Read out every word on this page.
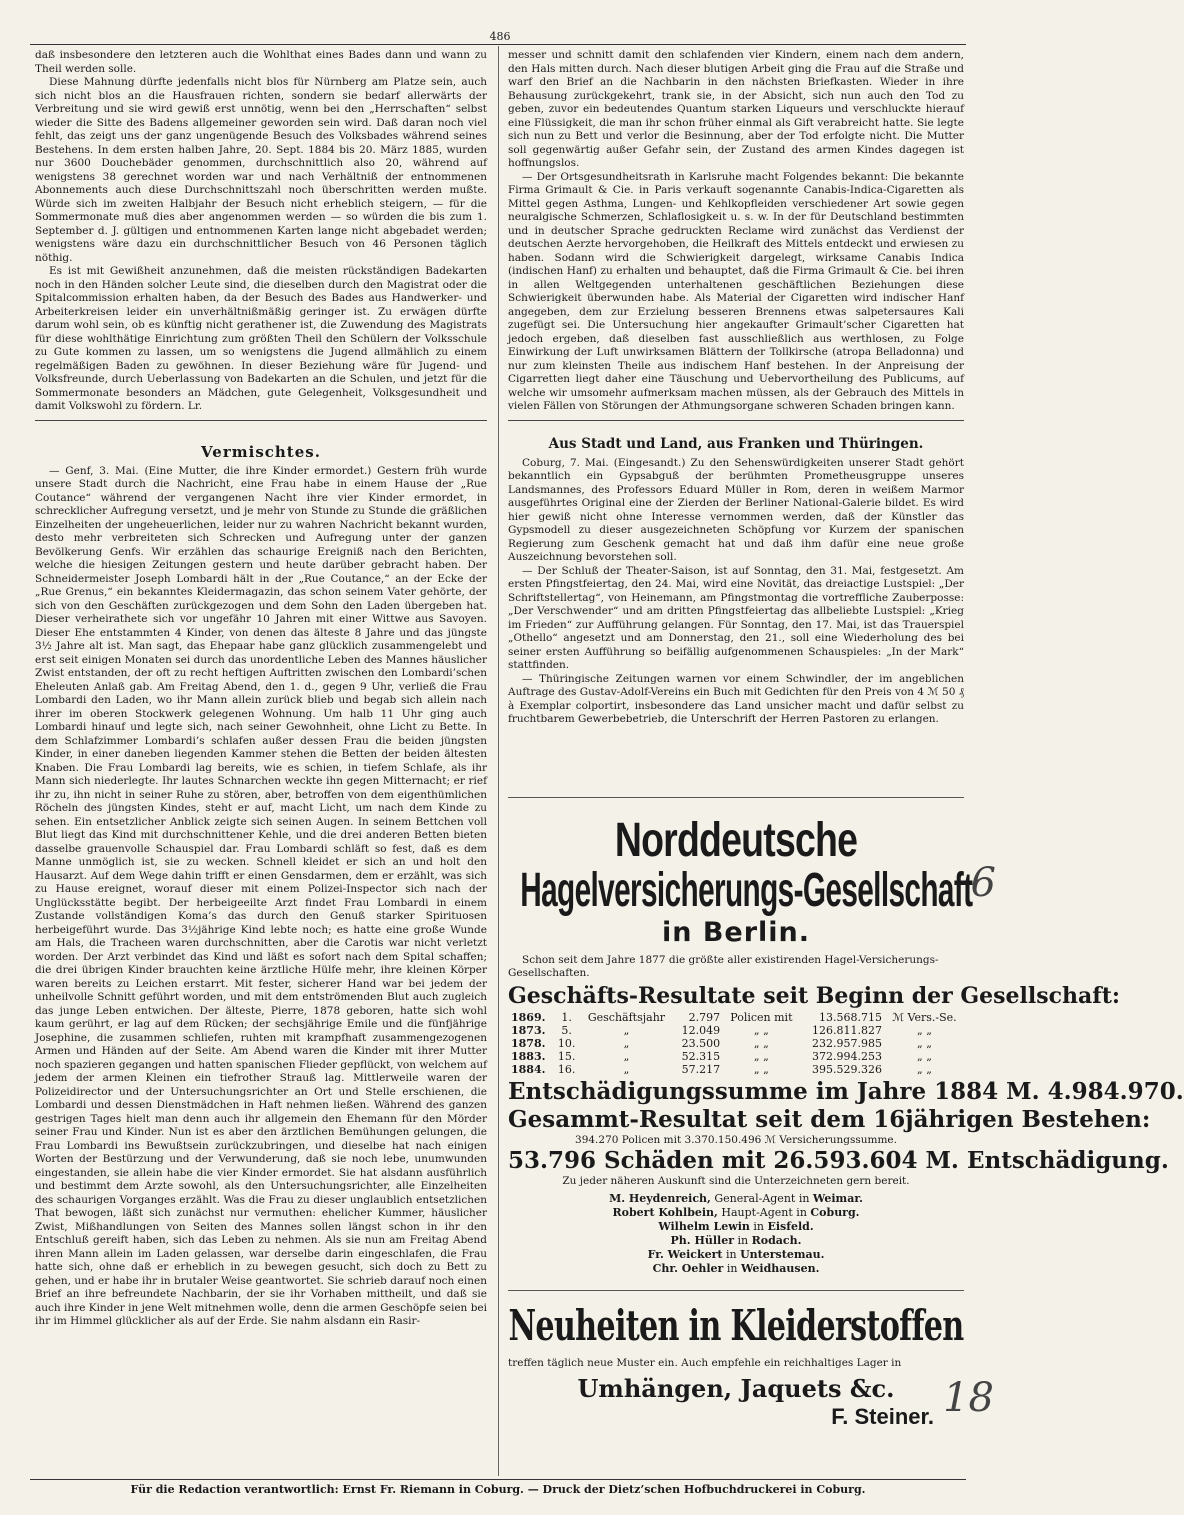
486

daß insbesondere den letzteren auch die Wohlthat eines Bades dann und wann zu Theil werden solle.

Diese Mahnung dürfte jedenfalls nicht blos für Nürnberg am Platze sein, auch sich nicht blos an die Hausfrauen richten, sondern sie bedarf allerwärts der Verbreitung und sie wird gewiß erst unnötig, wenn bei den „Herrschaften“ selbst wieder die Sitte des Badens allgemeiner geworden sein wird. Daß daran noch viel fehlt, das zeigt uns der ganz ungenügende Besuch des Volksbades während seines Bestehens. In dem ersten halben Jahre, 20. Sept. 1884 bis 20. März 1885, wurden nur 3600 Douchebäder genommen, durchschnittlich also 20, während auf wenigstens 38 gerechnet worden war und nach Verhältniß der entnommenen Abonnements auch diese Durchschnittszahl noch überschritten werden mußte. Würde sich im zweiten Halbjahr der Besuch nicht erheblich steigern, — für die Sommermonate muß dies aber angenommen werden — so würden die bis zum 1. September d. J. gültigen und entnommenen Karten lange nicht abgebadet werden; wenigstens wäre dazu ein durchschnittlicher Besuch von 46 Personen täglich nöthig.

Es ist mit Gewißheit anzunehmen, daß die meisten rückständigen Badekarten noch in den Händen solcher Leute sind, die dieselben durch den Magistrat oder die Spitalcommission erhalten haben, da der Besuch des Bades aus Handwerker- und Arbeiterkreisen leider ein unverhältnißmäßig geringer ist. Zu erwägen dürfte darum wohl sein, ob es künftig nicht gerathener ist, die Zuwendung des Magistrats für diese wohlthätige Einrichtung zum größten Theil den Schülern der Volksschule zu Gute kommen zu lassen, um so wenigstens die Jugend allmählich zu einem regelmäßigen Baden zu gewöhnen. In dieser Beziehung wäre für Jugend- und Volksfreunde, durch Ueberlassung von Badekarten an die Schulen, und jetzt für die Sommermonate besonders an Mädchen, gute Gelegenheit, Volksgesundheit und damit Volkswohl zu fördern. Lr.

Vermischtes.

— Genf, 3. Mai. (Eine Mutter, die ihre Kinder ermordet.) Gestern früh wurde unsere Stadt durch die Nachricht, eine Frau habe in einem Hause der „Rue Coutance“ während der vergangenen Nacht ihre vier Kinder ermordet, in schrecklicher Aufregung versetzt, und je mehr von Stunde zu Stunde die gräßlichen Einzelheiten der ungeheuerlichen, leider nur zu wahren Nachricht bekannt wurden, desto mehr verbreiteten sich Schrecken und Aufregung unter der ganzen Bevölkerung Genfs. Wir erzählen das schaurige Ereigniß nach den Berichten, welche die hiesigen Zeitungen gestern und heute darüber gebracht haben. Der Schneidermeister Joseph Lombardi hält in der „Rue Coutance,“ an der Ecke der „Rue Grenus,“ ein bekanntes Kleidermagazin, das schon seinem Vater gehörte, der sich von den Geschäften zurückgezogen und dem Sohn den Laden übergeben hat. Dieser verheirathete sich vor ungefähr 10 Jahren mit einer Wittwe aus Savoyen. Dieser Ehe entstammten 4 Kinder, von denen das älteste 8 Jahre und das jüngste 3½ Jahre alt ist. Man sagt, das Ehepaar habe ganz glücklich zusammengelebt und erst seit einigen Monaten sei durch das unordentliche Leben des Mannes häuslicher Zwist entstanden, der oft zu recht heftigen Auftritten zwischen den Lombardi’schen Eheleuten Anlaß gab. Am Freitag Abend, den 1. d., gegen 9 Uhr, verließ die Frau Lombardi den Laden, wo ihr Mann allein zurück blieb und begab sich allein nach ihrer im oberen Stockwerk gelegenen Wohnung. Um halb 11 Uhr ging auch Lombardi hinauf und legte sich, nach seiner Gewohnheit, ohne Licht zu Bette. In dem Schlafzimmer Lombardi’s schlafen außer dessen Frau die beiden jüngsten Kinder, in einer daneben liegenden Kammer stehen die Betten der beiden ältesten Knaben. Die Frau Lombardi lag bereits, wie es schien, in tiefem Schlafe, als ihr Mann sich niederlegte. Ihr lautes Schnarchen weckte ihn gegen Mitternacht; er rief ihr zu, ihn nicht in seiner Ruhe zu stören, aber, betroffen von dem eigenthümlichen Röcheln des jüngsten Kindes, steht er auf, macht Licht, um nach dem Kinde zu sehen. Ein entsetzlicher Anblick zeigte sich seinen Augen. In seinem Bettchen voll Blut liegt das Kind mit durchschnittener Kehle, und die drei anderen Betten bieten dasselbe grauenvolle Schauspiel dar. Frau Lombardi schläft so fest, daß es dem Manne unmöglich ist, sie zu wecken. Schnell kleidet er sich an und holt den Hausarzt. Auf dem Wege dahin trifft er einen Gensdarmen, dem er erzählt, was sich zu Hause ereignet, worauf dieser mit einem Polizei-Inspector sich nach der Unglücksstätte begibt. Der herbeigeeilte Arzt findet Frau Lombardi in einem Zustande vollständigen Koma’s das durch den Genuß starker Spirituosen herbeigeführt wurde. Das 3½jährige Kind lebte noch; es hatte eine große Wunde am Hals, die Tracheen waren durchschnitten, aber die Carotis war nicht verletzt worden. Der Arzt verbindet das Kind und läßt es sofort nach dem Spital schaffen; die drei übrigen Kinder brauchten keine ärztliche Hülfe mehr, ihre kleinen Körper waren bereits zu Leichen erstarrt. Mit fester, sicherer Hand war bei jedem der unheilvolle Schnitt geführt worden, und mit dem entströmenden Blut auch zugleich das junge Leben entwichen. Der älteste, Pierre, 1878 geboren, hatte sich wohl kaum gerührt, er lag auf dem Rücken; der sechsjährige Emile und die fünfjährige Josephine, die zusammen schliefen, ruhten mit krampfhaft zusammengezogenen Armen und Händen auf der Seite. Am Abend waren die Kinder mit ihrer Mutter noch spazieren gegangen und hatten spanischen Flieder gepflückt, von welchem auf jedem der armen Kleinen ein tiefrother Strauß lag. Mittlerweile waren der Polizeidirector und der Untersuchungsrichter an Ort und Stelle erschienen, die Lombardi und dessen Dienstmädchen in Haft nehmen ließen. Während des ganzen gestrigen Tages hielt man denn auch ihr allgemein den Ehemann für den Mörder seiner Frau und Kinder. Nun ist es aber den ärztlichen Bemühungen gelungen, die Frau Lombardi ins Bewußtsein zurückzubringen, und dieselbe hat nach einigen Worten der Bestürzung und der Verwunderung, daß sie noch lebe, unumwunden eingestanden, sie allein habe die vier Kinder ermordet. Sie hat alsdann ausführlich und bestimmt dem Arzte sowohl, als den Untersuchungsrichter, alle Einzelheiten des schaurigen Vorganges erzählt. Was die Frau zu dieser unglaublich entsetzlichen That bewogen, läßt sich zunächst nur vermuthen: ehelicher Kummer, häuslicher Zwist, Mißhandlungen von Seiten des Mannes sollen längst schon in ihr den Entschluß gereift haben, sich das Leben zu nehmen. Als sie nun am Freitag Abend ihren Mann allein im Laden gelassen, war derselbe darin eingeschlafen, die Frau hatte sich, ohne daß er erheblich in zu bewegen gesucht, sich doch zu Bett zu gehen, und er habe ihr in brutaler Weise geantwortet. Sie schrieb darauf noch einen Brief an ihre befreundete Nachbarin, der sie ihr Vorhaben mittheilt, und daß sie auch ihre Kinder in jene Welt mitnehmen wolle, denn die armen Geschöpfe seien bei ihr im Himmel glücklicher als auf der Erde. Sie nahm alsdann ein Rasir-

messer und schnitt damit den schlafenden vier Kindern, einem nach dem andern, den Hals mitten durch. Nach dieser blutigen Arbeit ging die Frau auf die Straße und warf den Brief an die Nachbarin in den nächsten Briefkasten. Wieder in ihre Behausung zurückgekehrt, trank sie, in der Absicht, sich nun auch den Tod zu geben, zuvor ein bedeutendes Quantum starken Liqueurs und verschluckte hierauf eine Flüssigkeit, die man ihr schon früher einmal als Gift verabreicht hatte. Sie legte sich nun zu Bett und verlor die Besinnung, aber der Tod erfolgte nicht. Die Mutter soll gegenwärtig außer Gefahr sein, der Zustand des armen Kindes dagegen ist hoffnungslos.

— Der Ortsgesundheitsrath in Karlsruhe macht Folgendes bekannt: Die bekannte Firma Grimault & Cie. in Paris verkauft sogenannte Canabis-Indica-Cigaretten als Mittel gegen Asthma, Lungen- und Kehlkopfleiden verschiedener Art sowie gegen neuralgische Schmerzen, Schlaflosigkeit u. s. w. In der für Deutschland bestimmten und in deutscher Sprache gedruckten Reclame wird zunächst das Verdienst der deutschen Aerzte hervorgehoben, die Heilkraft des Mittels entdeckt und erwiesen zu haben. Sodann wird die Schwierigkeit dargelegt, wirksame Canabis Indica (indischen Hanf) zu erhalten und behauptet, daß die Firma Grimault & Cie. bei ihren in allen Weltgegenden unterhaltenen geschäftlichen Beziehungen diese Schwierigkeit überwunden habe. Als Material der Cigaretten wird indischer Hanf angegeben, dem zur Erzielung besseren Brennens etwas salpetersaures Kali zugefügt sei. Die Untersuchung hier angekaufter Grimault’scher Cigaretten hat jedoch ergeben, daß dieselben fast ausschließlich aus werthlosen, zu Folge Einwirkung der Luft unwirksamen Blättern der Tollkirsche (atropa Belladonna) und nur zum kleinsten Theile aus indischem Hanf bestehen. In der Anpreisung der Cigarretten liegt daher eine Täuschung und Uebervortheilung des Publicums, auf welche wir umsomehr aufmerksam machen müssen, als der Gebrauch des Mittels in vielen Fällen von Störungen der Athmungsorgane schweren Schaden bringen kann.

Aus Stadt und Land, aus Franken und Thüringen.

Coburg, 7. Mai. (Eingesandt.) Zu den Sehenswürdigkeiten unserer Stadt gehört bekanntlich ein Gypsabguß der berühmten Prometheusgruppe unseres Landsmannes, des Professors Eduard Müller in Rom, deren in weißem Marmor ausgeführtes Original eine der Zierden der Berliner National-Galerie bildet. Es wird hier gewiß nicht ohne Interesse vernommen werden, daß der Künstler das Gypsmodell zu dieser ausgezeichneten Schöpfung vor Kurzem der spanischen Regierung zum Geschenk gemacht hat und daß ihm dafür eine neue große Auszeichnung bevorstehen soll.

— Der Schluß der Theater-Saison, ist auf Sonntag, den 31. Mai, festgesetzt. Am ersten Pfingstfeiertag, den 24. Mai, wird eine Novität, das dreiactige Lustspiel: „Der Schriftstellertag“, von Heinemann, am Pfingstmontag die vortreffliche Zauberposse: „Der Verschwender“ und am dritten Pfingstfeiertag das allbeliebte Lustspiel: „Krieg im Frieden“ zur Aufführung gelangen. Für Sonntag, den 17. Mai, ist das Trauerspiel „Othello“ angesetzt und am Donnerstag, den 21., soll eine Wiederholung des bei seiner ersten Aufführung so beifällig aufgenommenen Schauspieles: „In der Mark“ stattfinden.

— Thüringische Zeitungen warnen vor einem Schwindler, der im angeblichen Auftrage des Gustav-Adolf-Vereins ein Buch mit Gedichten für den Preis von 4 ℳ 50 ₰ à Exemplar colportirt, insbesondere das Land unsicher macht und dafür selbst zu fruchtbarem Gewerbebetrieb, die Unterschrift der Herren Pastoren zu erlangen.

Norddeutsche
Hagelversicherungs-Gesellschaft
in Berlin.
Schon seit dem Jahre 1877 die größte aller existirenden Hagel-Versicherungs-Gesellschaften.
Geschäfts-Resultate seit Beginn der Gesellschaft:
1869.	1.	Geschäftsjahr	2.797	Policen mit	13.568.715	ℳ Vers.-Se.
1873.	5.	„	12.049	„ „	126.811.827	„ „
1878.	10.	„	23.500	„ „	232.957.985	„ „
1883.	15.	„	52.315	„ „	372.994.253	„ „
1884.	16.	„	57.217	„ „	395.529.326	„ „
Entschädigungssumme im Jahre 1884 M. 4.984.970.
Gesammt-Resultat seit dem 16jährigen Bestehen:
394.270 Policen mit 3.370.150.496 ℳ Versicherungssumme.
53.796 Schäden mit 26.593.604 M. Entschädigung.
Zu jeder näheren Auskunft sind die Unterzeichneten gern bereit.
M. Heydenreich, General-Agent in Weimar.
Robert Kohlbein, Haupt-Agent in Coburg.
Wilhelm Lewin in Eisfeld.
Ph. Hüller in Rodach.
Fr. Weickert in Unterstemau.
Chr. Oehler in Weidhausen.
Neuheiten in Kleiderstoffen
treffen täglich neue Muster ein. Auch empfehle ein reichhaltiges Lager in
Umhängen, Jaquets &c.
F. Steiner.
6
18
Für die Redaction verantwortlich: Ernst Fr. Riemann in Coburg. — Druck der Dietz’schen Hofbuchdruckerei in Coburg.
